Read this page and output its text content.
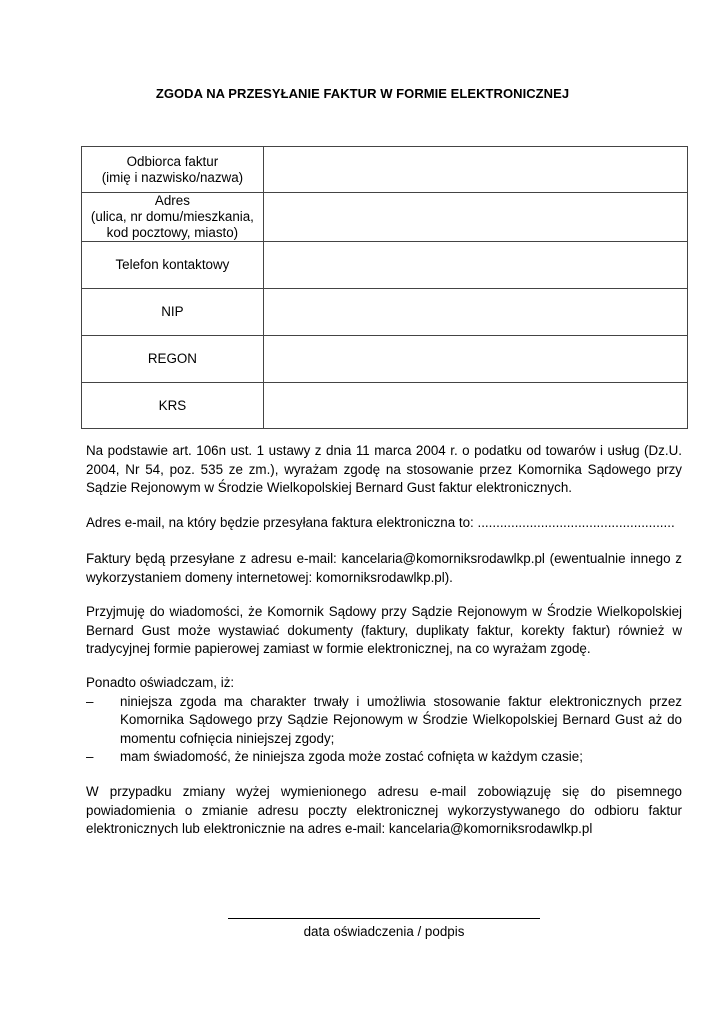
ZGODA NA PRZESYŁANIE FAKTUR W FORMIE ELEKTRONICZNEJ
Odbiorca faktur
(imię i nazwisko/nazwa)	

Adres
(ulica, nr domu/mieszkania,
kod pocztowy, miasto)	

Telefon kontaktowy	
NIP	
REGON	
KRS	
Na podstawie art. 106n ust. 1 ustawy z dnia 11 marca 2004 r. o podatku od towarów i usług (Dz.U. 2004, Nr 54, poz. 535 ze zm.), wyrażam zgodę na stosowanie przez Komornika Sądowego przy Sądzie Rejonowym w Środzie Wielkopolskiej Bernard Gust faktur elektronicznych.
Adres e-mail, na który będzie przesyłana faktura elektroniczna to: .....................................................
Faktury będą przesyłane z adresu e-mail: kancelaria@komorniksrodawlkp.pl (ewentualnie innego z wykorzystaniem domeny internetowej: komorniksrodawlkp.pl).
Przyjmuję do wiadomości, że Komornik Sądowy przy Sądzie Rejonowym w Środzie Wielkopolskiej Bernard Gust może wystawiać dokumenty (faktury, duplikaty faktur, korekty faktur) również w tradycyjnej formie papierowej zamiast w formie elektronicznej, na co wyrażam zgodę.
Ponadto oświadczam, iż:
– niniejsza zgoda ma charakter trwały i umożliwia stosowanie faktur elektronicznych przez Komornika Sądowego przy Sądzie Rejonowym w Środzie Wielkopolskiej Bernard Gust aż do momentu cofnięcia niniejszej zgody;
– mam świadomość, że niniejsza zgoda może zostać cofnięta w każdym czasie;
W przypadku zmiany wyżej wymienionego adresu e-mail zobowiązuję się do pisemnego powiadomienia o zmianie adresu poczty elektronicznej wykorzystywanego do odbioru faktur elektronicznych lub elektronicznie na adres e-mail: kancelaria@komorniksrodawlkp.pl
data oświadczenia / podpis
